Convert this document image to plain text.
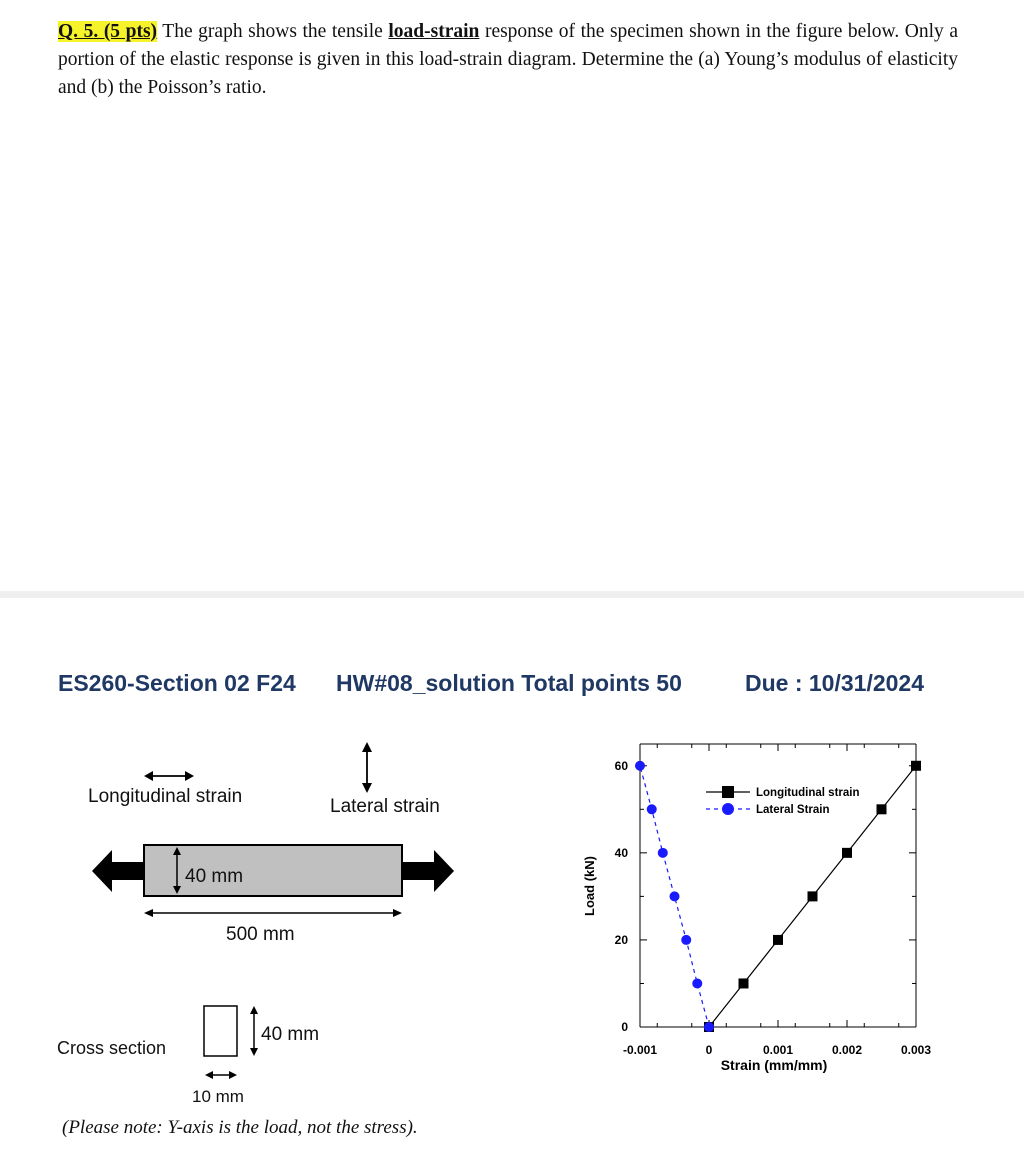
Q. 5. (5 pts) The graph shows the tensile load-strain response of the specimen shown in the figure below. Only a portion of the elastic response is given in this load-strain diagram. Determine the (a) Young’s modulus of elasticity and (b) the Poisson’s ratio.
ES260-Section 02 F24 HW#08_solution Total points 50	Due : 10/31/2024
Longitudinal strain	Lateral strain
40 mm
500 mm
Cross section
40 mm
10 mm
(Please note: Y-axis is the load, not the stress).
-0.001	0	0.001	0.002	0.003
0
20
40
60
Longitudinal strain
Lateral Strain
Load (kN)
Strain (mm/mm)
